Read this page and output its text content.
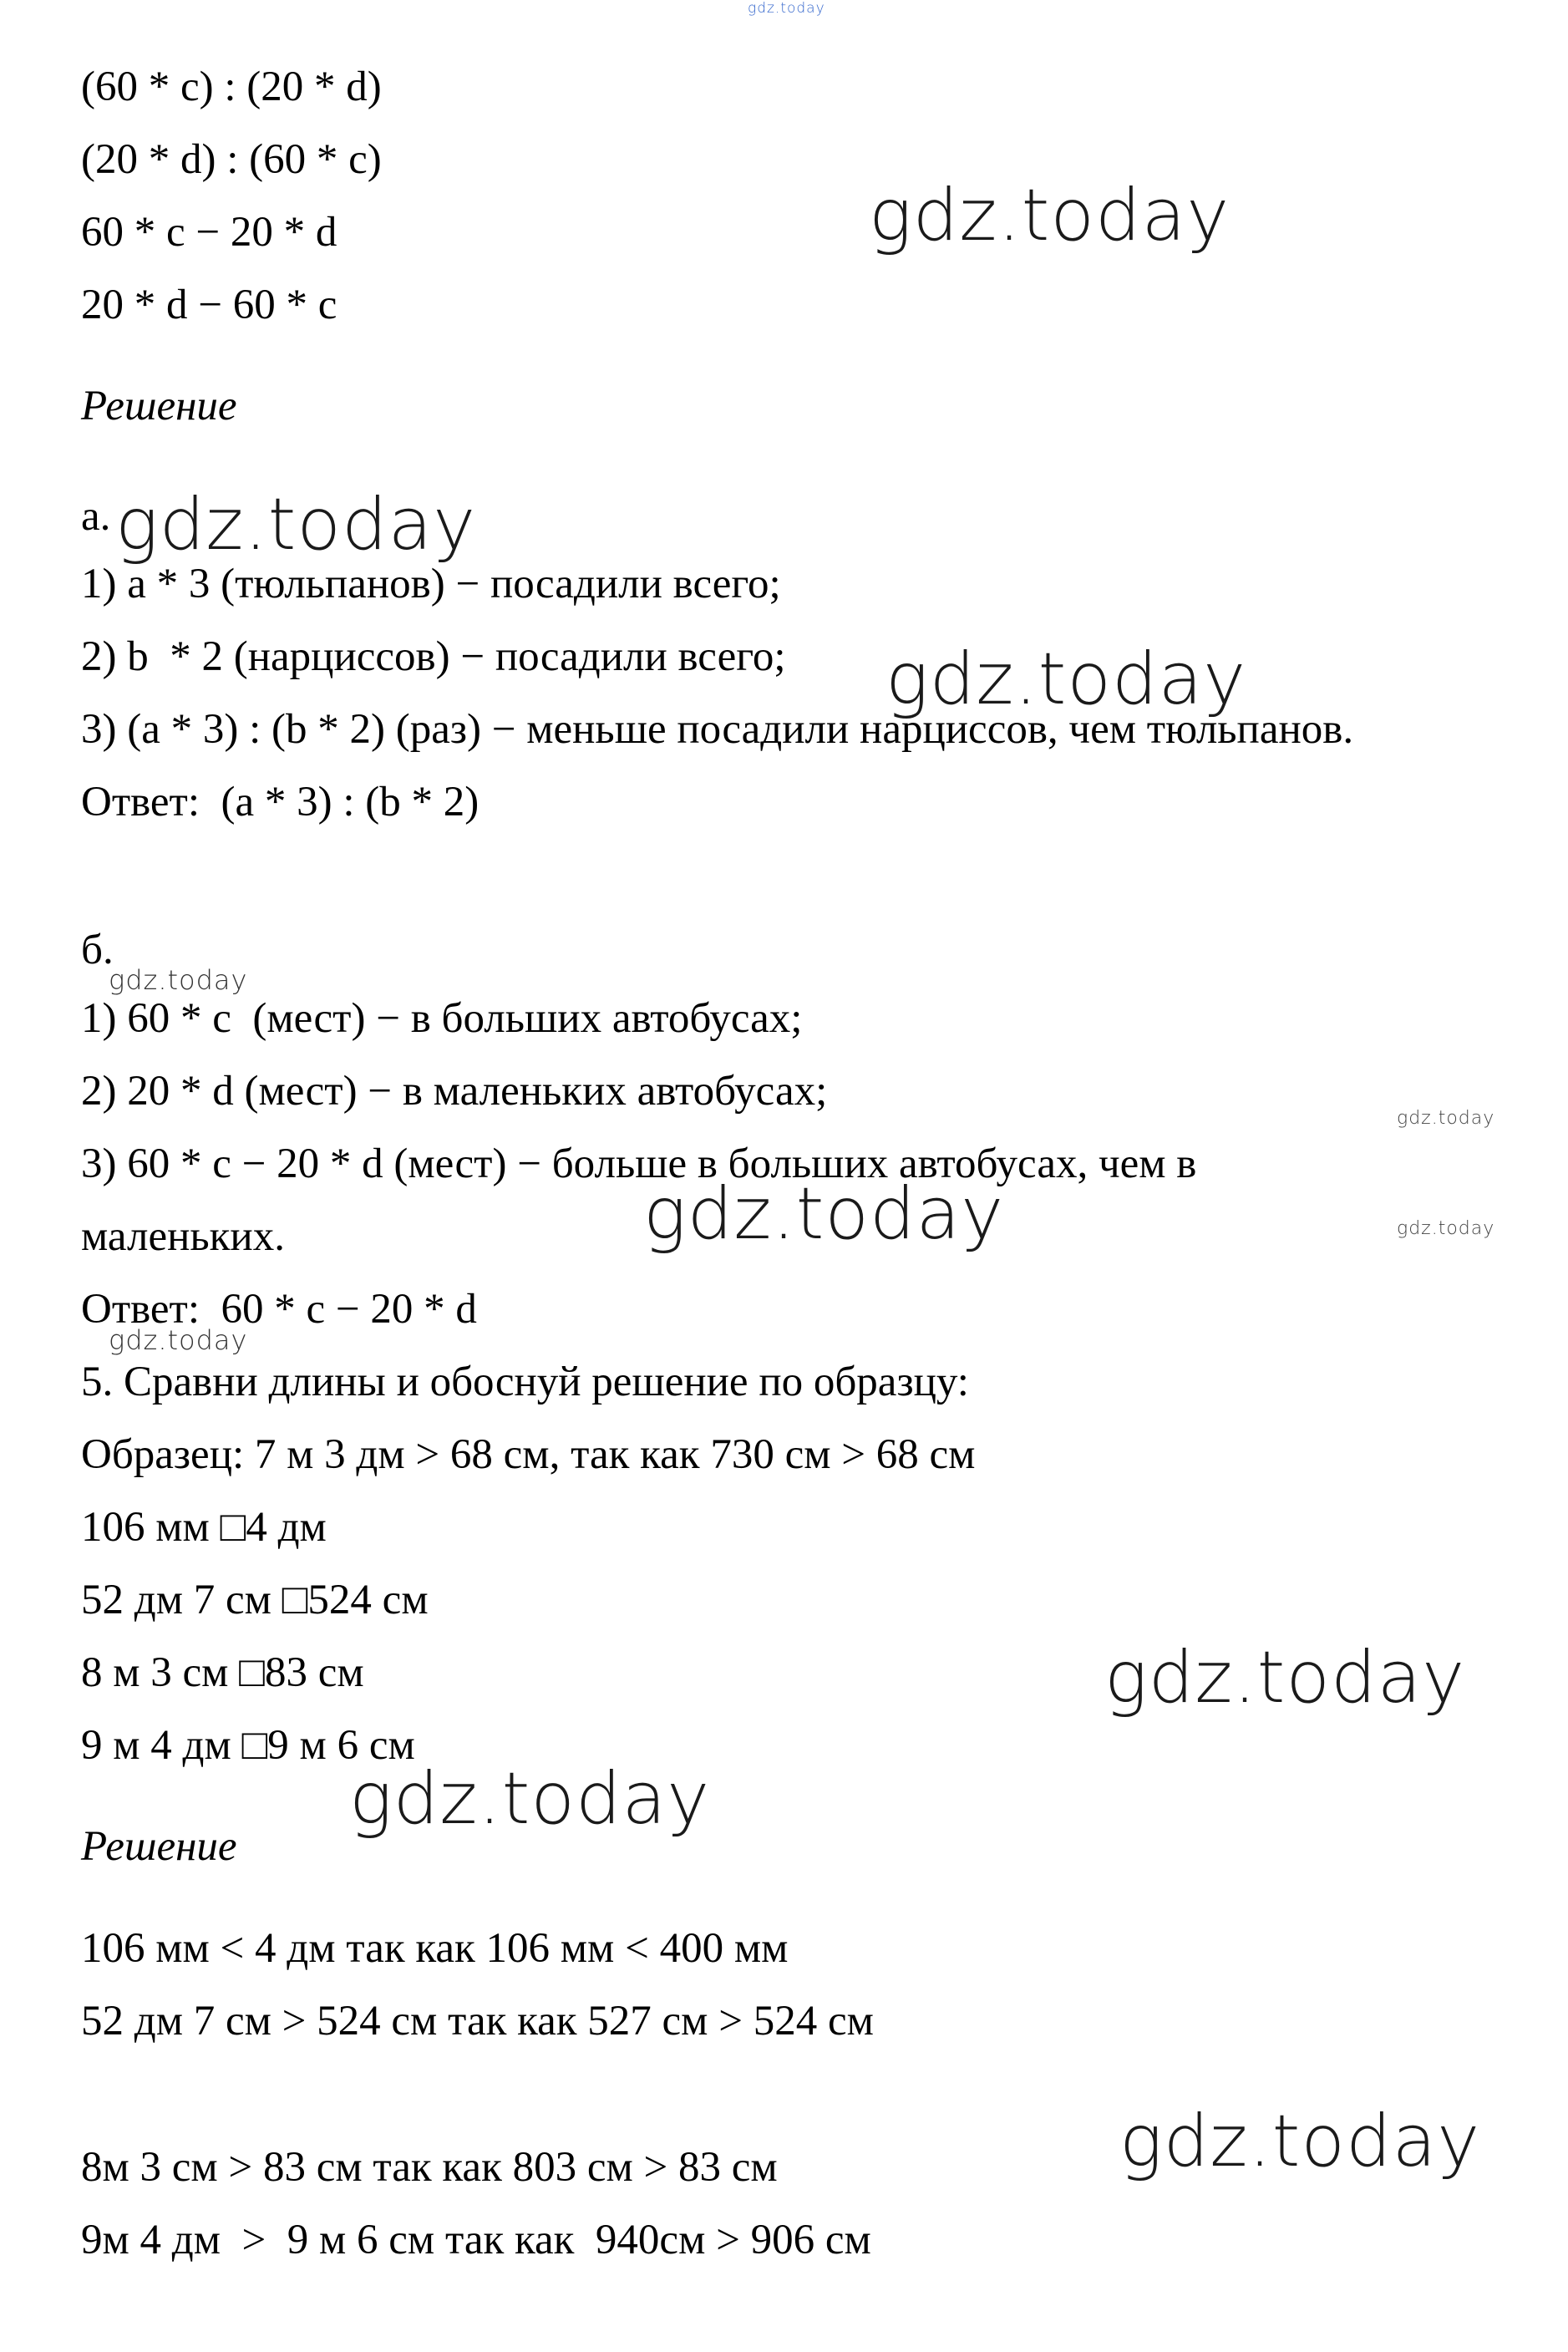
gdz.today
gdz.today
gdz.today
gdz.today
gdz.today
gdz.today
gdz.today	gdz.today
gdz.today
gdz.today
gdz.today
gdz.today
(60 * c) : (20 * d)
(20 * d) : (60 * c)
60 * c − 20 * d
20 * d − 60 * c
Решение
а.
1) a * 3 (тюльпанов) − посадили всего;
2) b  * 2 (нарциссов) − посадили всего;
3) (a * 3) : (b * 2) (раз) − меньше посадили нарциссов, чем тюльпанов.
Ответ:  (a * 3) : (b * 2)
б.
1) 60 * c  (мест) − в больших автобусах;
2) 20 * d (мест) − в маленьких автобусах;
3) 60 * c − 20 * d (мест) − больше в больших автобусах, чем в
маленьких.
Ответ:  60 * c − 20 * d
5. Сравни длины и обоснуй решение по образцу:
Образец: 7 м 3 дм > 68 см, так как 730 см > 68 см
106 мм □4 дм
52 дм 7 см □524 см
8 м 3 см □83 см
9 м 4 дм □9 м 6 см
Решение
106 мм < 4 дм так как 106 мм < 400 мм
52 дм 7 см > 524 см так как 527 см > 524 см
8м 3 см > 83 см так как 803 см > 83 см
9м 4 дм  >  9 м 6 см так как  940см > 906 см
